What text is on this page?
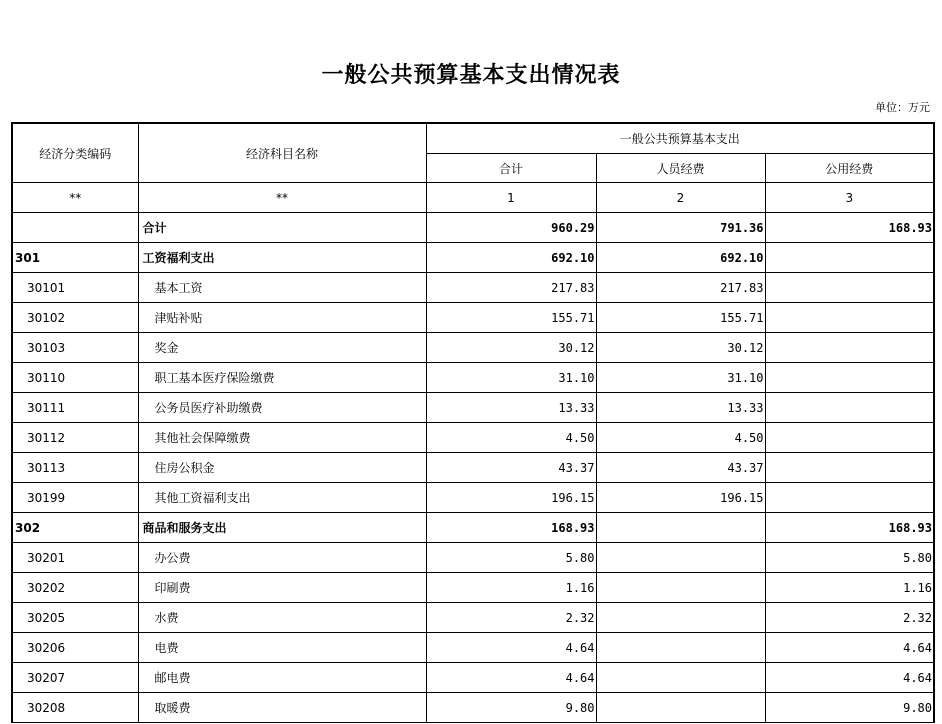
一般公共预算基本支出情况表
单位：万元
经济分类编码	经济科目名称	一般公共预算基本支出		
		合计	人员经费	公用经费
**	**	1	2	3
	合计	960.29	791.36	168.93
301	工资福利支出	692.10	692.10	
30101	基本工资	217.83	217.83	
30102	津贴补贴	155.71	155.71	
30103	奖金	30.12	30.12	
30110	职工基本医疗保险缴费	31.10	31.10	
30111	公务员医疗补助缴费	13.33	13.33	
30112	其他社会保障缴费	4.50	4.50	
30113	住房公积金	43.37	43.37	
30199	其他工资福利支出	196.15	196.15	
302	商品和服务支出	168.93		168.93
30201	办公费	5.80		5.80
30202	印刷费	1.16		1.16
30205	水费	2.32		2.32
30206	电费	4.64		4.64
30207	邮电费	4.64		4.64
30208	取暖费	9.80		9.80
